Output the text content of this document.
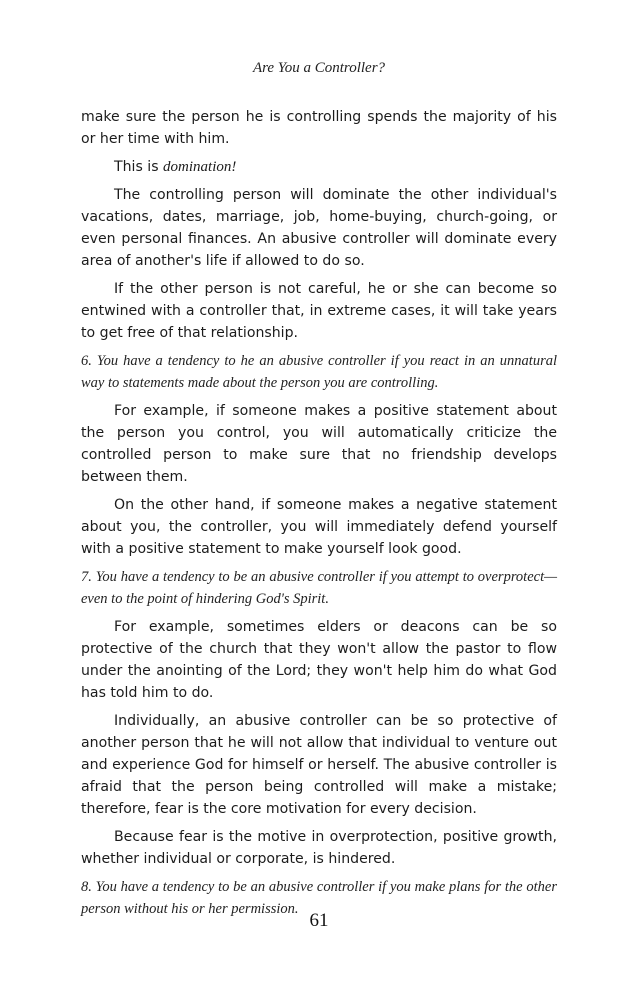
Are You a Controller?

make sure the person he is controlling spends the majority of his or her time with him.

This is domination!

The controlling person will dominate the other individual's vacations, dates, marriage, job, home-buying, church-going, or even personal finances. An abusive controller will dominate every area of another's life if allowed to do so.

If the other person is not careful, he or she can become so entwined with a controller that, in extreme cases, it will take years to get free of that relationship.

6. You have a tendency to he an abusive controller if you react in an unnatural way to statements made about the person you are controlling.

For example, if someone makes a positive statement about the person you control, you will automatically criticize the controlled person to make sure that no friendship develops between them.

On the other hand, if someone makes a negative statement about you, the controller, you will immediately defend yourself with a positive statement to make yourself look good.

7. You have a tendency to be an abusive controller if you attempt to overprotect—even to the point of hindering God's Spirit.

For example, sometimes elders or deacons can be so protective of the church that they won't allow the pastor to flow under the anointing of the Lord; they won't help him do what God has told him to do.

Individually, an abusive controller can be so protective of another person that he will not allow that individual to venture out and experience God for himself or herself. The abusive controller is afraid that the person being controlled will make a mistake; therefore, fear is the core motivation for every decision.

Because fear is the motive in overprotection, positive growth, whether individual or corporate, is hindered.

8. You have a tendency to be an abusive controller if you make plans for the other person without his or her permission.

61
